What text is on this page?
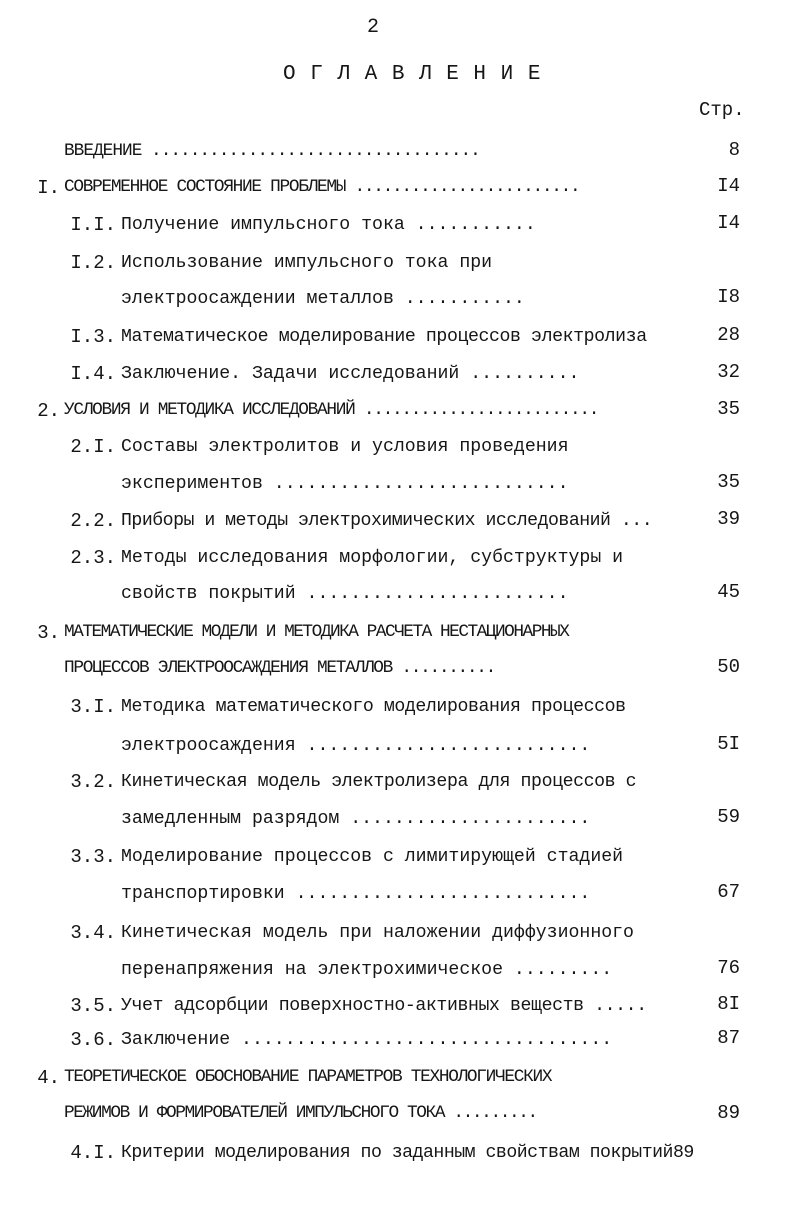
2
О Г Л А В Л Е Н И Е
Стр.
ВВЕДЕНИЕ ..................................	8
I. СОВРЕМЕННОЕ СОСТОЯНИЕ ПРОБЛЕМЫ ........................	I4
I.I. Получение импульсного тока ...........	I4
I.2. Использование импульсного тока при
электроосаждении металлов ...........	I8
I.3. Математическое моделирование процессов электролиза	28
I.4. Заключение. Задачи исследований ..........	32
2. УСЛОВИЯ И МЕТОДИКА ИССЛЕДОВАНИЙ .........................	35
2.I. Составы электролитов и условия проведения
экспериментов ...........................	35
2.2. Приборы и методы электрохимических исследований ...	39
2.3. Методы исследования морфологии, субструктуры и
свойств покрытий ........................	45
3. МАТЕМАТИЧЕСКИЕ МОДЕЛИ И МЕТОДИКА РАСЧЕТА НЕСТАЦИОНАРНЫХ
ПРОЦЕССОВ ЭЛЕКТРООСАЖДЕНИЯ МЕТАЛЛОВ ..........	50
3.I. Методика математического моделирования процессов
электроосаждения ..........................	5I
3.2. Кинетическая модель электролизера для процессов с
замедленным разрядом ......................	59
3.3. Моделирование процессов с лимитирующей стадией
транспортировки ...........................	67
3.4. Кинетическая модель при наложении диффузионного
перенапряжения на электрохимическое .........	76
3.5. Учет адсорбции поверхностно-активных веществ .....	8I
3.6. Заключение ..................................	87
4. ТЕОРЕТИЧЕСКОЕ ОБОСНОВАНИЕ ПАРАМЕТРОВ ТЕХНОЛОГИЧЕСКИХ
РЕЖИМОВ И ФОРМИРОВАТЕЛЕЙ ИМПУЛЬСНОГО ТОКА .........	89
4.I. Критерии моделирования по заданным свойствам покрытий89
